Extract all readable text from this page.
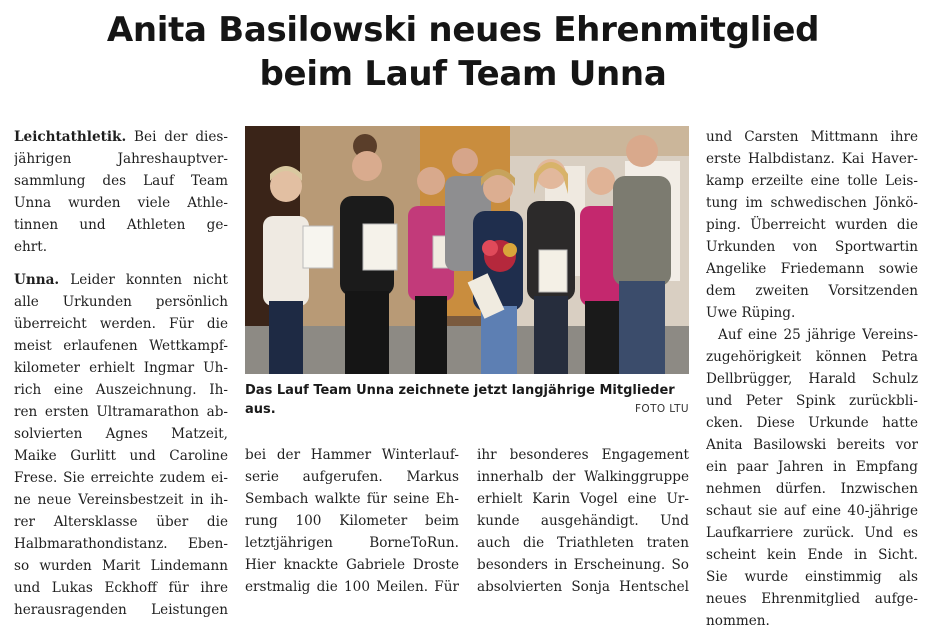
Anita Basilowski neues Ehrenmitglied
beim Lauf Team Unna

Leichtathletik. Bei der dies-
jährigen Jahreshauptver-
sammlung des Lauf Team
Unna wurden viele Athle-
tinnen und Athleten ge-
ehrt.

Unna. Leider konnten nicht
alle Urkunden persönlich
überreicht werden. Für die
meist erlaufenen Wettkampf-
kilometer erhielt Ingmar Uh-
rich eine Auszeichnung. Ih-
ren ersten Ultramarathon ab-
solvierten Agnes Matzeit,
Maike Gurlitt und Caroline
Frese. Sie erreichte zudem ei-
ne neue Vereinsbestzeit in ih-
rer Altersklasse über die
Halbmarathondistanz. Eben-
so wurden Marit Lindemann
und Lukas Eckhoff für ihre
herausragenden Leistungen

Das Lauf Team Unna zeichnete jetzt langjährige Mitglieder
aus.	FOTO LTU
bei der Hammer Winterlauf-
serie aufgerufen. Markus
Sembach walkte für seine Eh-
rung 100 Kilometer beim
letztjährigen BorneToRun.
Hier knackte Gabriele Droste
erstmalig die 100 Meilen. Für
ihr besonderes Engagement
innerhalb der Walkinggruppe
erhielt Karin Vogel eine Ur-
kunde ausgehändigt. Und
auch die Triathleten traten
besonders in Erscheinung. So
absolvierten Sonja Hentschel

und Carsten Mittmann ihre
erste Halbdistanz. Kai Haver-
kamp erzeilte eine tolle Leis-
tung im schwedischen Jönkö-
ping. Überreicht wurden die
Urkunden von Sportwartin
Angelike Friedemann sowie
dem zweiten Vorsitzenden
Uwe Rüping.

Auf eine 25 jährige Vereins-
zugehörigkeit können Petra
Dellbrügger, Harald Schulz
und Peter Spink zurückbli-
cken. Diese Urkunde hatte
Anita Basilowski bereits vor
ein paar Jahren in Empfang
nehmen dürfen. Inzwischen
schaut sie auf eine 40-jährige
Laufkarriere zurück. Und es
scheint kein Ende in Sicht.
Sie wurde einstimmig als
neues Ehrenmitglied aufge-
nommen.
